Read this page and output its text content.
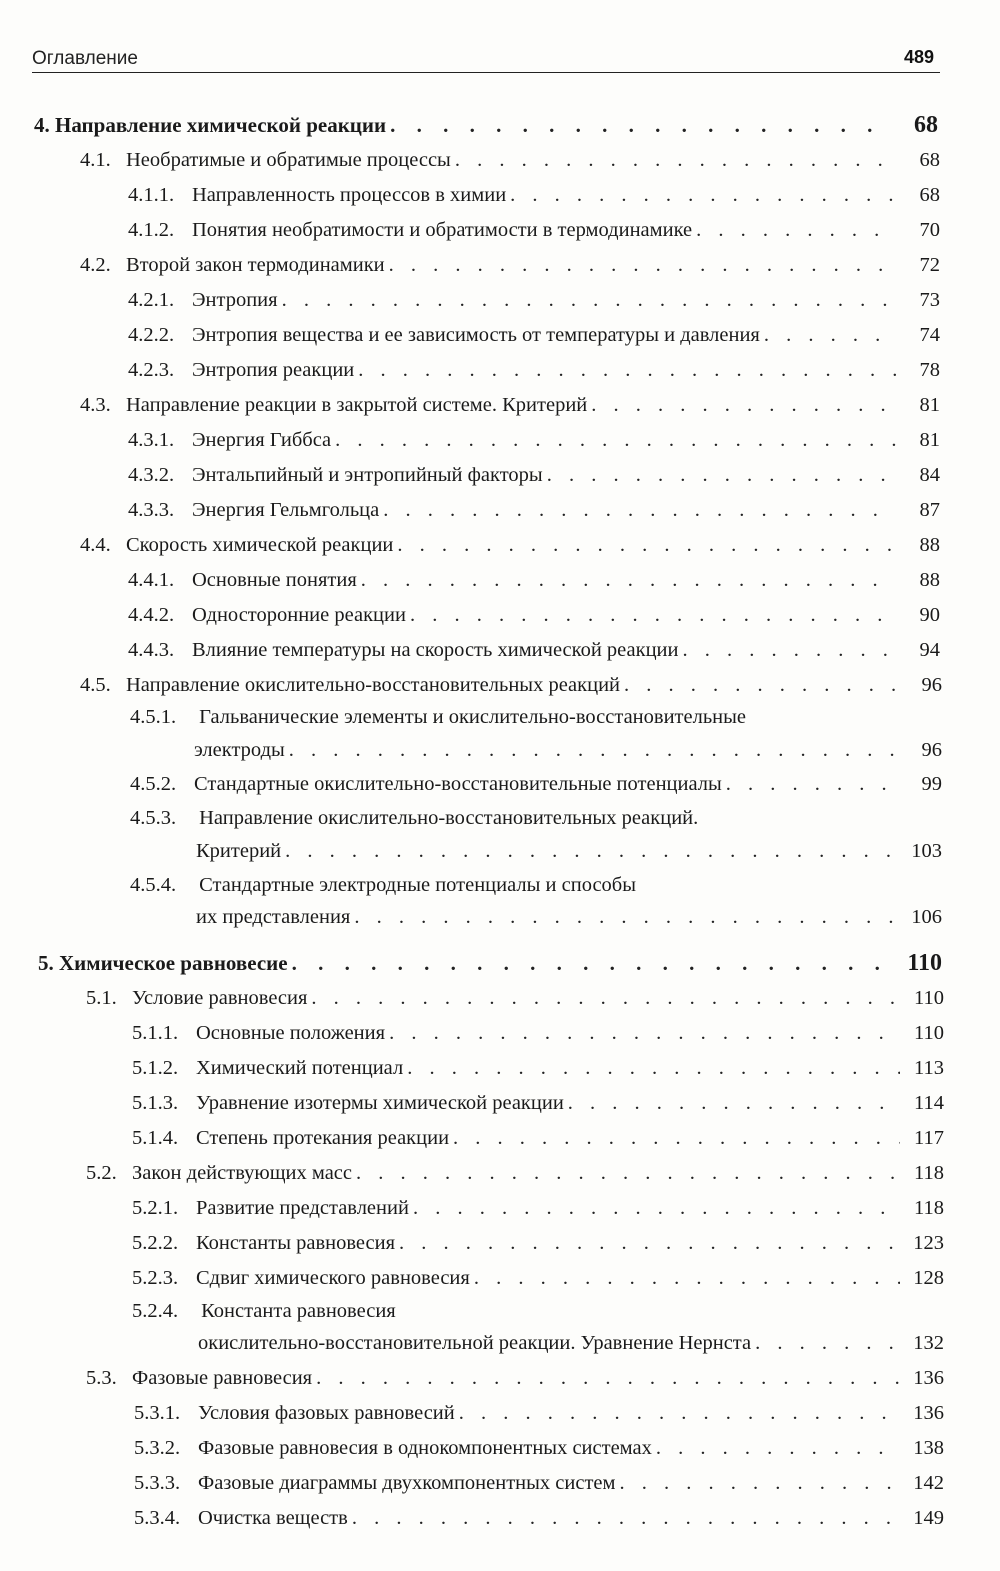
Оглавление	489
4. Направление химической реакции . . .	68
4.1. Необратимые и обратимые процессы . . .	68
4.1.1. Направленность процессов в химии . . .	68
4.1.2. Понятия необратимости и обратимости в термодинамике . . .	70
4.2. Второй закон термодинамики . . .	72
4.2.1. Энтропия . . .	73
4.2.2. Энтропия вещества и ее зависимость от температуры и давления . . .	74
4.2.3. Энтропия реакции . . .	78
4.3. Направление реакции в закрытой системе. Критерий . . .	81
4.3.1. Энергия Гиббса . . .	81
4.3.2. Энтальпийный и энтропийный факторы . . .	84
4.3.3. Энергия Гельмгольца . . .	87
4.4. Скорость химической реакции . . .	88
4.4.1. Основные понятия . . .	88
4.4.2. Односторонние реакции . . .	90
4.4.3. Влияние температуры на скорость химической реакции . . .	94
4.5. Направление окислительно-восстановительных реакций . . .	96
4.5.1. Гальванические элементы и окислительно-восстановительные
электроды . . .	96
4.5.2. Стандартные окислительно-восстановительные потенциалы . . .	99
4.5.3. Направление окислительно-восстановительных реакций.
Критерий . . .	103
4.5.4. Стандартные электродные потенциалы и способы
их представления . . .	106
5. Химическое равновесие . . .	110
5.1. Условие равновесия . . .	110
5.1.1. Основные положения . . .	110
5.1.2. Химический потенциал . . .	113
5.1.3. Уравнение изотермы химической реакции . . .	114
5.1.4. Степень протекания реакции . . .	117
5.2. Закон действующих масс . . .	118
5.2.1. Развитие представлений . . .	118
5.2.2. Константы равновесия . . .	123
5.2.3. Сдвиг химического равновесия . . .	128
5.2.4. Константа равновесия
окислительно-восстановительной реакции. Уравнение Нернста . . .	132
5.3. Фазовые равновесия . . .	136
5.3.1. Условия фазовых равновесий . . .	136
5.3.2. Фазовые равновесия в однокомпонентных системах . . .	138
5.3.3. Фазовые диаграммы двухкомпонентных систем . . .	142
5.3.4. Очистка веществ . . .	149
